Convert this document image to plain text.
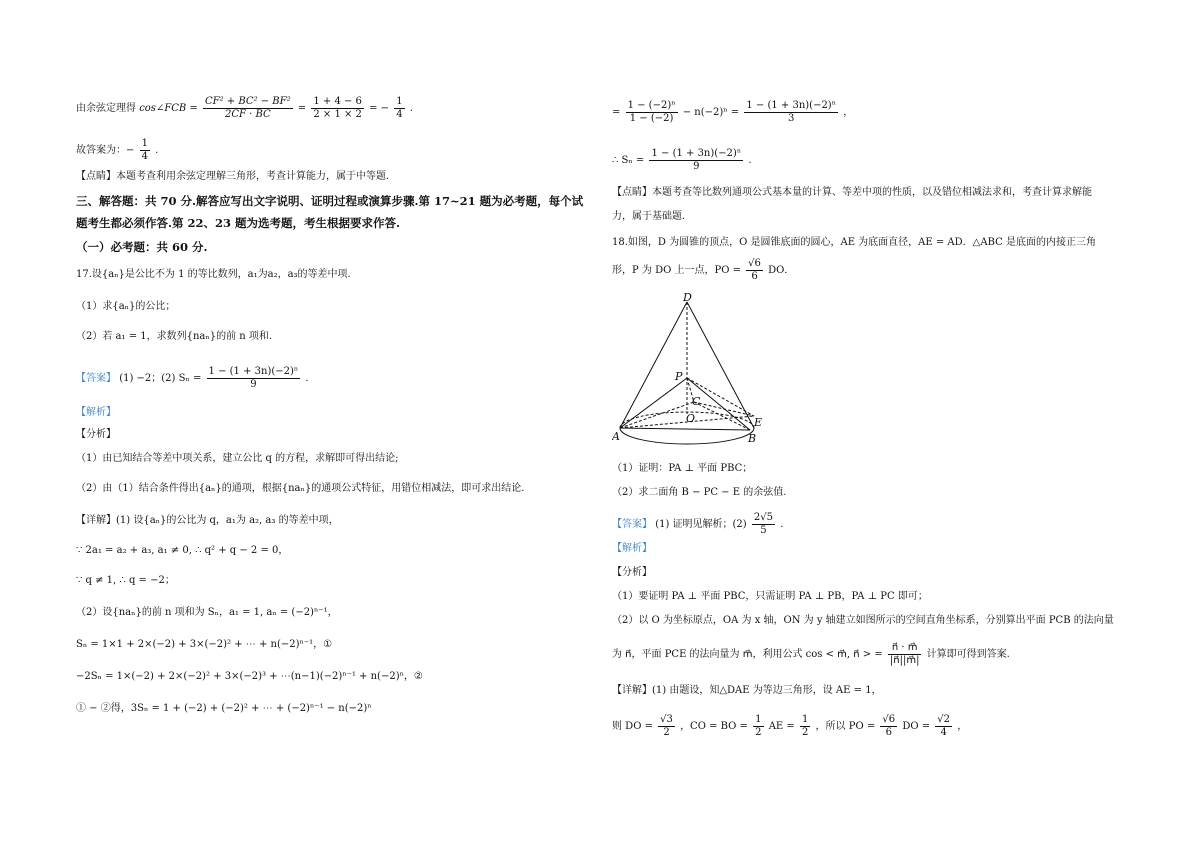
由余弦定理得 cos∠FCB = $\frac{\text{CF² + BC² − BF²}}{2CF \cdot BC} = \frac{1 + 4 - 6}{2 \times 1 \times 2}$ = − $\frac{1}{4}$ .
故答案为：− $\frac{1}{4}$ .
【点睛】本题考查利用余弦定理解三角形，考查计算能力，属于中等题.
三、解答题：共 70 分.解答应写出文字说明、证明过程或演算步骤.第 17~21 题为必考题，每个试
题考生都必须作答.第 22、23 题为选考题，考生根据要求作答.
（一）必考题：共 60 分.
17.设{aₙ}是公比不为 1 的等比数列，a₁为a₂，a₃的等差中项.
（1）求{aₙ}的公比；
（2）若 a₁ = 1，求数列{naₙ}的前 n 项和.
【答案】 (1) −2；(2) $S_n = \frac{\text{1 − (1 + 3n)(−2)ⁿ}}{9}$ .
【解析】
【分析】
（1）由已知结合等差中项关系，建立公比 q 的方程，求解即可得出结论;
（2）由（1）结合条件得出{aₙ}的通项，根据{naₙ}的通项公式特征，用错位相减法，即可求出结论.
【详解】(1) 设{aₙ}的公比为 q，a₁为 a₂, a₃ 的等差中项，
∵ 2a₁ = a₂ + a₃, a₁ ≠ 0, ∴ q² + q − 2 = 0，
∵ q ≠ 1, ∴ q = −2；
（2）设{naₙ}的前 n 项和为 Sₙ，a₁ = 1, aₙ = (−2)ⁿ⁻¹，
Sₙ = 1×1 + 2×(−2) + 3×(−2)² + ⋯ + n(−2)ⁿ⁻¹，①
−2Sₙ = 1×(−2) + 2×(−2)² + 3×(−2)³ + ⋯(n−1)(−2)ⁿ⁻¹ + n(−2)ⁿ，②
① − ②得，3Sₙ = 1 + (−2) + (−2)² + ⋯ + (−2)ⁿ⁻¹ − n(−2)ⁿ
= $\frac{\text{1 − (−2)ⁿ}}{1 - (-2)} - n(-2)^n = \frac{\text{1 − (1 + 3n)(−2)ⁿ}}{3}$ ，
∴ $S_n = \frac{\text{1 − (1 + 3n)(−2)ⁿ}}{9}$ .
【点睛】本题考查等比数列通项公式基本量的计算、等差中项的性质，以及错位相减法求和，考查计算求解能
力，属于基础题.
18.如图，D 为圆锥的顶点，O 是圆锥底面的圆心，AE 为底面直径，AE = AD．△ABC 是底面的内接正三角
形，P 为 DO 上一点，PO = $\frac{√6}{6}$ DO．
D
P
C
O
A	B
E
（1）证明：PA ⊥ 平面 PBC；
（2）求二面角 B − PC − E 的余弦值.
【答案】 (1) 证明见解析；$(2) \frac{2√5}{5}$ .
【解析】
【分析】
（1）要证明 PA ⊥ 平面 PBC，只需证明 PA ⊥ PB，PA ⊥ PC 即可；
（2）以 O 为坐标原点，OA 为 x 轴，ON 为 y 轴建立如图所示的空间直角坐标系，分别算出平面 PCB 的法向量
为 n⃗，平面 PCE 的法向量为 m⃗，利用公式 cos < m⃗, n⃗ > = $\frac{n⃗ \cdot m⃗}{|n⃗||m⃗|}$ 计算即可得到答案.
【详解】(1) 由题设，知△DAE 为等边三角形，设 AE = 1，
则 DO = $\frac{√3}{2}$ ，CO = BO = $\frac{1}{2}$ AE = $\frac{1}{2}$ ，所以 PO = $\frac{√6}{6}$ DO = $\frac{√2}{4}$ ，
